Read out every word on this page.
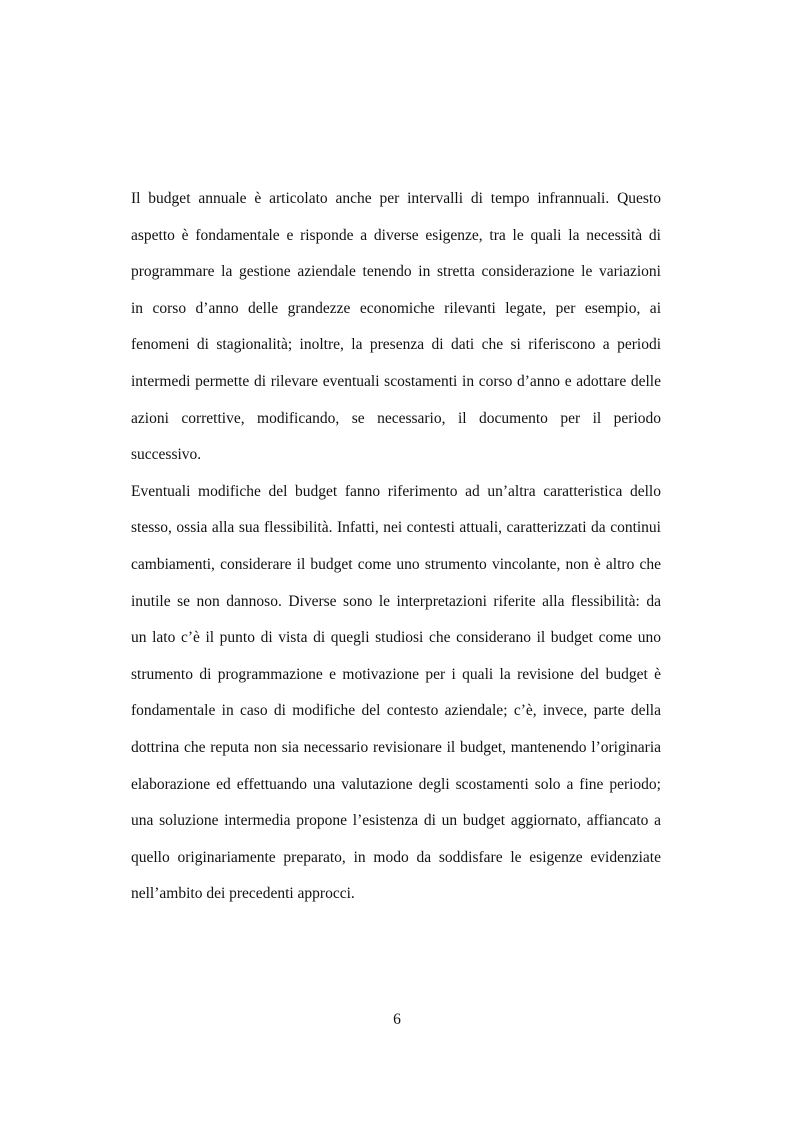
Il budget annuale è articolato anche per intervalli di tempo infrannuali. Questo
aspetto è fondamentale e risponde a diverse esigenze, tra le quali la necessità di
programmare la gestione aziendale tenendo in stretta considerazione le variazioni
in corso d’anno delle grandezze economiche rilevanti legate, per esempio, ai
fenomeni di stagionalità; inoltre, la presenza di dati che si riferiscono a periodi
intermedi permette di rilevare eventuali scostamenti in corso d’anno e adottare delle
azioni correttive, modificando, se necessario, il documento per il periodo
successivo.
Eventuali modifiche del budget fanno riferimento ad un’altra caratteristica dello
stesso, ossia alla sua flessibilità. Infatti, nei contesti attuali, caratterizzati da continui
cambiamenti, considerare il budget come uno strumento vincolante, non è altro che
inutile se non dannoso. Diverse sono le interpretazioni riferite alla flessibilità: da
un lato c’è il punto di vista di quegli studiosi che considerano il budget come uno
strumento di programmazione e motivazione per i quali la revisione del budget è
fondamentale in caso di modifiche del contesto aziendale; c’è, invece, parte della
dottrina che reputa non sia necessario revisionare il budget, mantenendo l’originaria
elaborazione ed effettuando una valutazione degli scostamenti solo a fine periodo;
una soluzione intermedia propone l’esistenza di un budget aggiornato, affiancato a
quello originariamente preparato, in modo da soddisfare le esigenze evidenziate
nell’ambito dei precedenti approcci.
6
